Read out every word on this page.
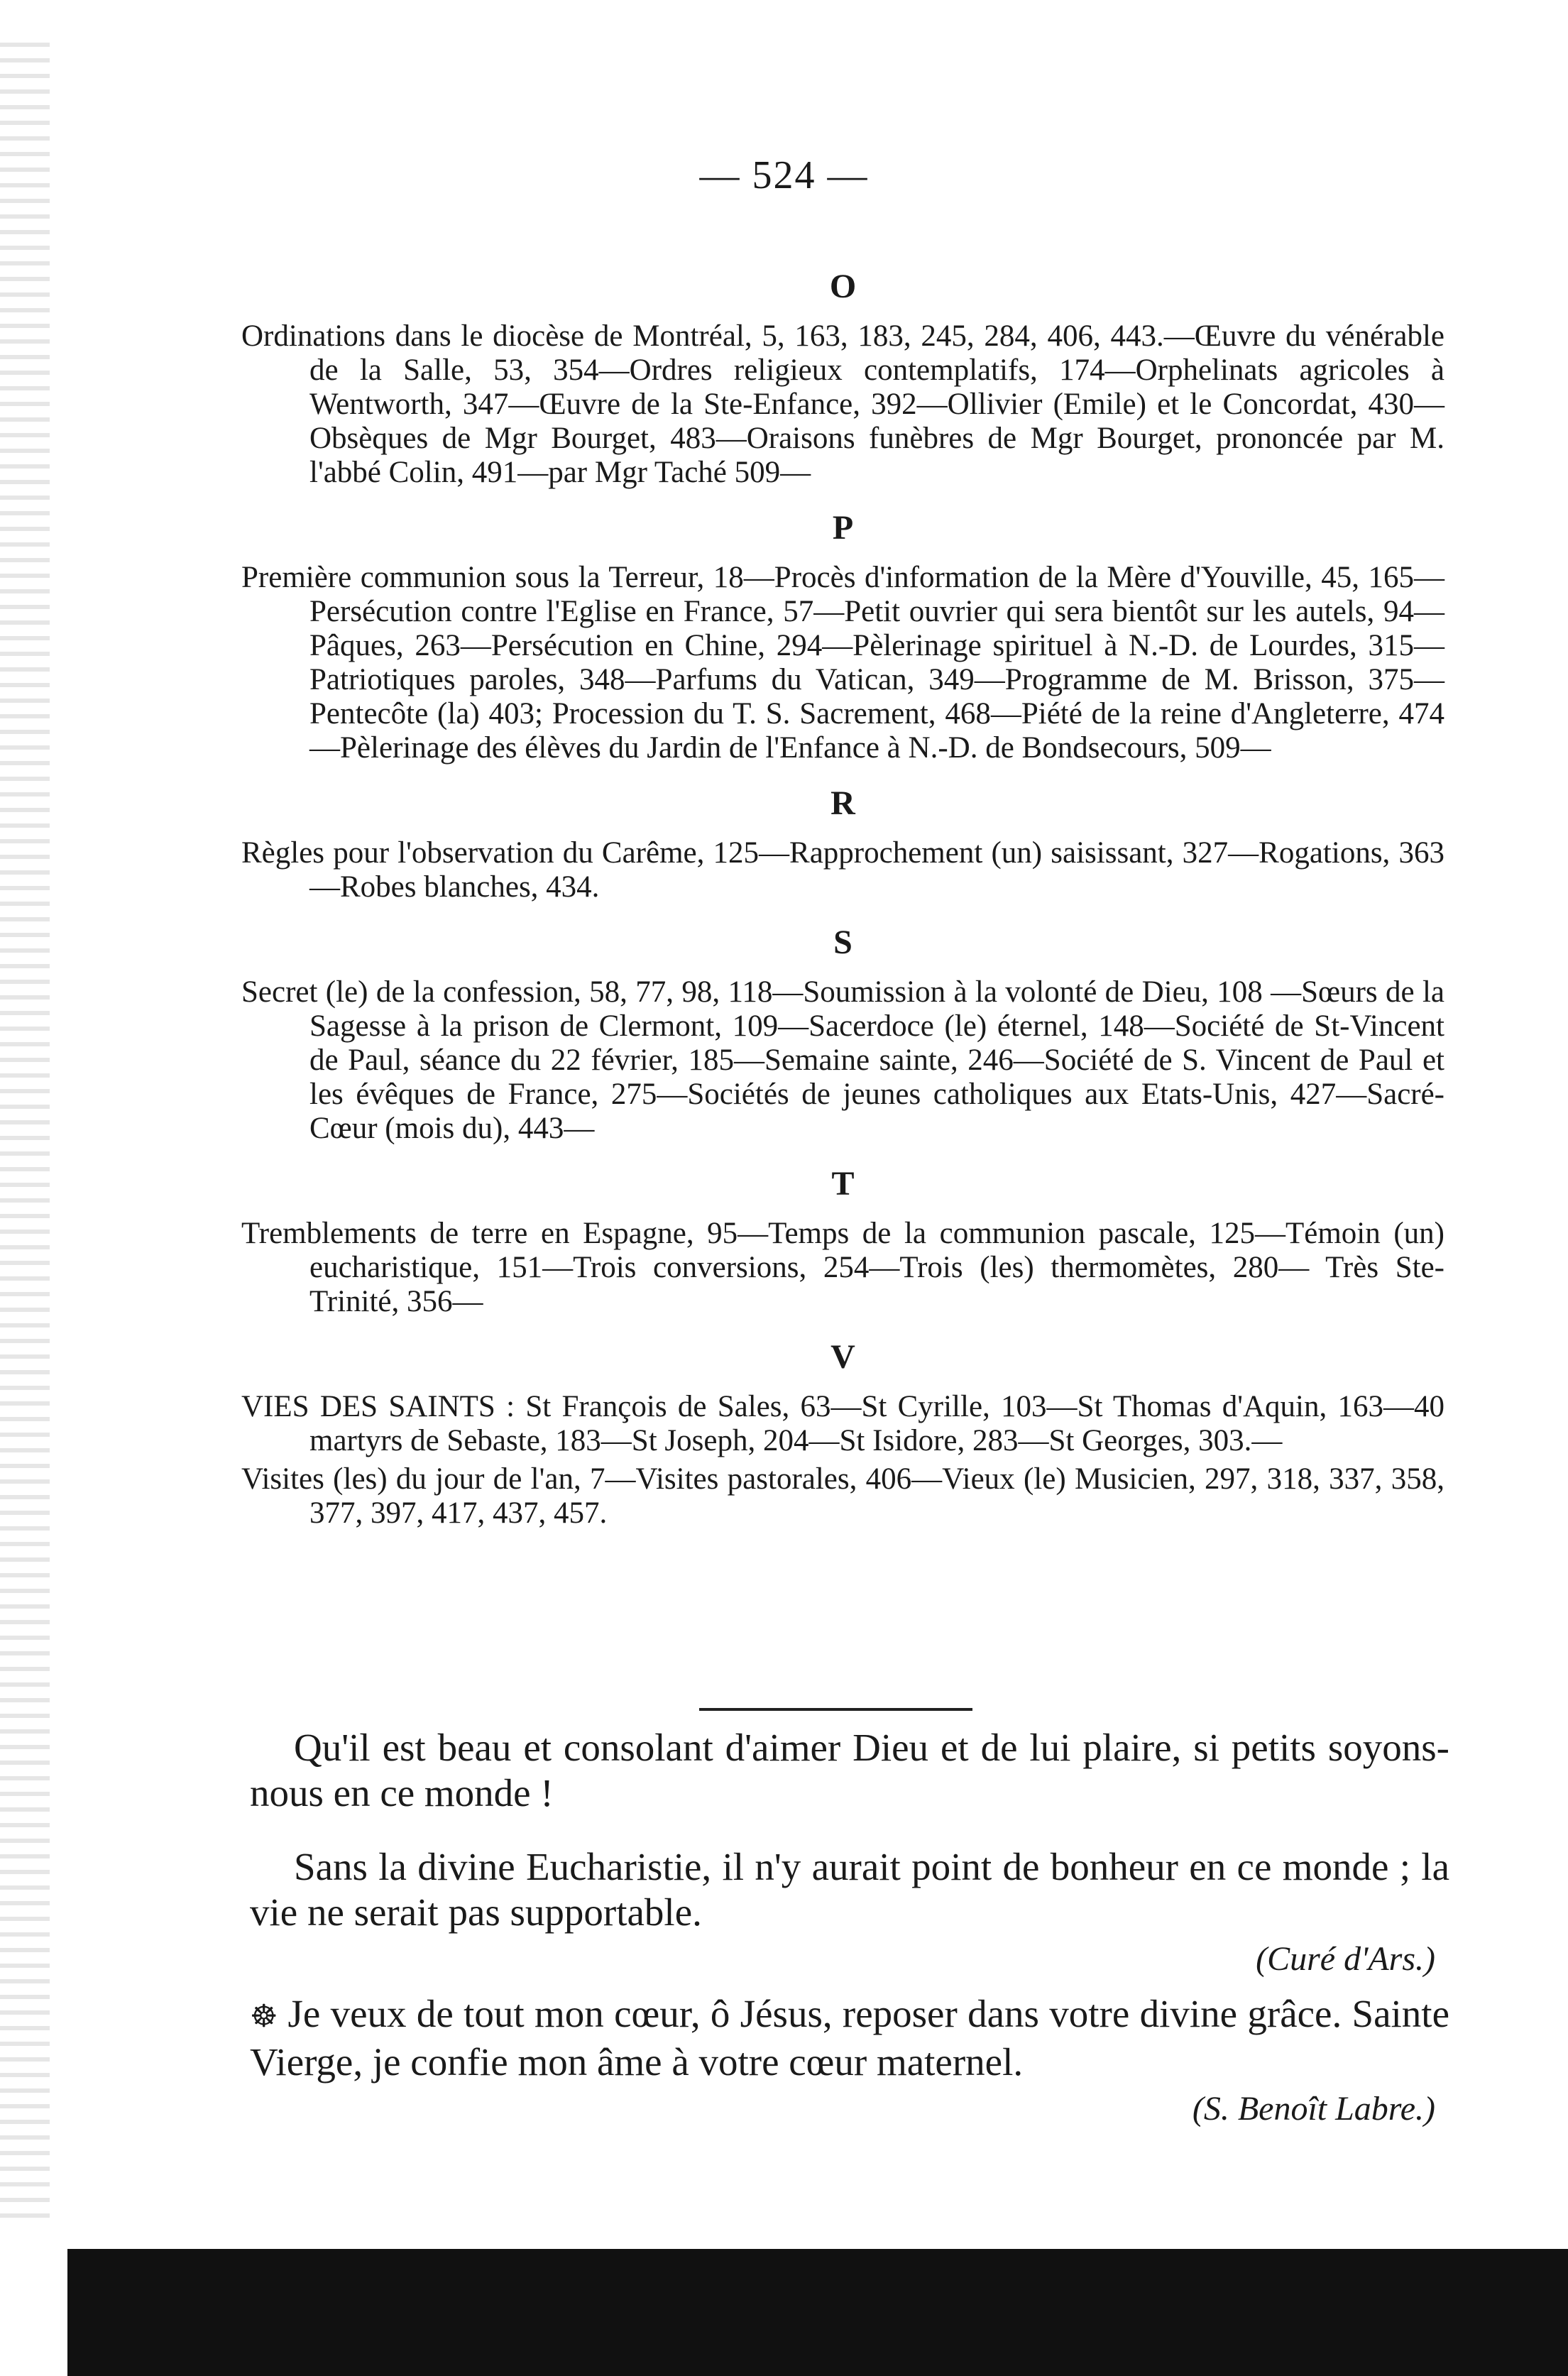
— 524 —
O

Ordinations dans le diocèse de Montréal, 5, 163, 183, 245, 284, 406, 443.—Œuvre du vénérable de la Salle, 53, 354—Ordres religieux contemplatifs, 174—Orphelinats agricoles à Wentworth, 347—Œuvre de la Ste-Enfance, 392—Ollivier (Emile) et le Concordat, 430—Obsèques de Mgr Bourget, 483—Oraisons funèbres de Mgr Bourget, prononcée par M. l'abbé Colin, 491—par Mgr Taché 509—

P

Première communion sous la Terreur, 18—Procès d'information de la Mère d'Youville, 45, 165—Persécution contre l'Eglise en France, 57—Petit ouvrier qui sera bientôt sur les autels, 94—Pâques, 263—Persécution en Chine, 294—Pèlerinage spirituel à N.-D. de Lourdes, 315—Patriotiques paroles, 348—Parfums du Vatican, 349—Programme de M. Brisson, 375—Pentecôte (la) 403; Procession du T. S. Sacrement, 468—Piété de la reine d'Angleterre, 474—Pèlerinage des élèves du Jardin de l'Enfance à N.-D. de Bondsecours, 509—

R

Règles pour l'observation du Carême, 125—Rapprochement (un) saisissant, 327—Rogations, 363—Robes blanches, 434.

S

Secret (le) de la confession, 58, 77, 98, 118—Soumission à la volonté de Dieu, 108 —Sœurs de la Sagesse à la prison de Clermont, 109—Sacerdoce (le) éternel, 148—Société de St-Vincent de Paul, séance du 22 février, 185—Semaine sainte, 246—Société de S. Vincent de Paul et les évêques de France, 275—Sociétés de jeunes catholiques aux Etats-Unis, 427—Sacré-Cœur (mois du), 443—

T

Tremblements de terre en Espagne, 95—Temps de la communion pascale, 125—Témoin (un) eucharistique, 151—Trois conversions, 254—Trois (les) thermomètes, 280— Très Ste-Trinité, 356—

V

VIES DES SAINTS : St François de Sales, 63—St Cyrille, 103—St Thomas d'Aquin, 163—40 martyrs de Sebaste, 183—St Joseph, 204—St Isidore, 283—St Georges, 303.—

Visites (les) du jour de l'an, 7—Visites pastorales, 406—Vieux (le) Musicien, 297, 318, 337, 358, 377, 397, 417, 437, 457.

Qu'il est beau et consolant d'aimer Dieu et de lui plaire, si petits soyons-nous en ce monde !

Sans la divine Eucharistie, il n'y aurait point de bonheur en ce monde ; la vie ne serait pas supportable.

(Curé d'Ars.)

☸ Je veux de tout mon cœur, ô Jésus, reposer dans votre divine grâce. Sainte Vierge, je confie mon âme à votre cœur maternel.

(S. Benoît Labre.)
